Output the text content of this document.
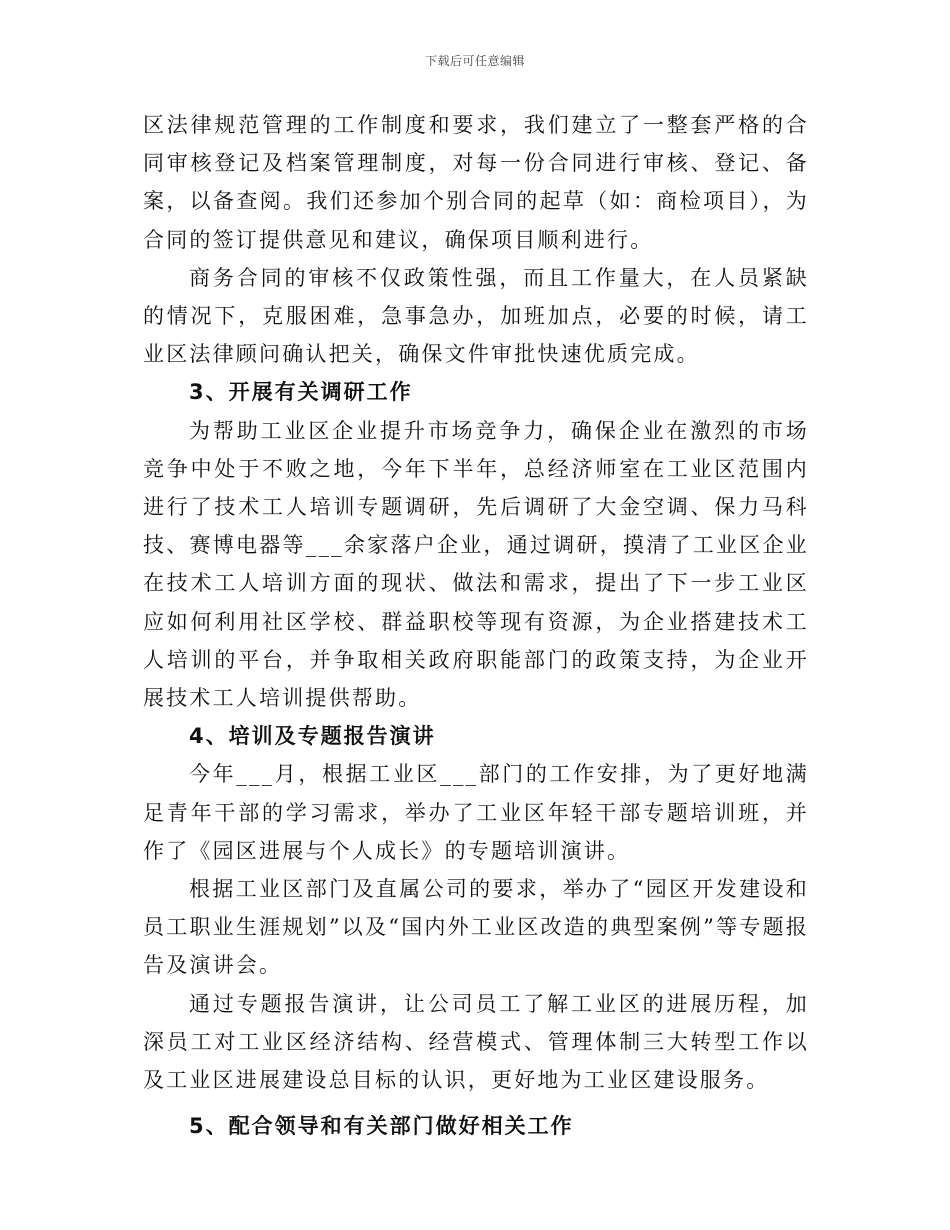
下载后可任意编辑

区法律规范管理的工作制度和要求，我们建立了一整套严格的合同审核登记及档案管理制度，对每一份合同进行审核、登记、备案，以备查阅。我们还参加个别合同的起草（如：商检项目），为合同的签订提供意见和建议，确保项目顺利进行。

商务合同的审核不仅政策性强，而且工作量大，在人员紧缺的情况下，克服困难，急事急办，加班加点，必要的时候，请工业区法律顾问确认把关，确保文件审批快速优质完成。

3、开展有关调研工作

为帮助工业区企业提升市场竞争力，确保企业在激烈的市场竞争中处于不败之地，今年下半年，总经济师室在工业区范围内进行了技术工人培训专题调研，先后调研了大金空调、保力马科技、赛博电器等___余家落户企业，通过调研，摸清了工业区企业在技术工人培训方面的现状、做法和需求，提出了下一步工业区应如何利用社区学校、群益职校等现有资源，为企业搭建技术工人培训的平台，并争取相关政府职能部门的政策支持，为企业开展技术工人培训提供帮助。

4、培训及专题报告演讲

今年___月，根据工业区___部门的工作安排，为了更好地满足青年干部的学习需求，举办了工业区年轻干部专题培训班，并作了《园区进展与个人成长》的专题培训演讲。

根据工业区部门及直属公司的要求，举办了“园区开发建设和员工职业生涯规划”以及“国内外工业区改造的典型案例”等专题报告及演讲会。

通过专题报告演讲，让公司员工了解工业区的进展历程，加深员工对工业区经济结构、经营模式、管理体制三大转型工作以及工业区进展建设总目标的认识，更好地为工业区建设服务。

5、配合领导和有关部门做好相关工作
